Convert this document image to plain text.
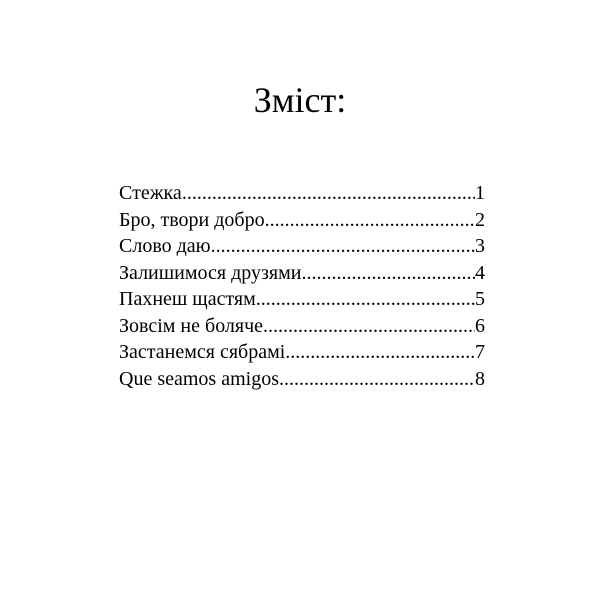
Зміст:
Стежка .....	1
Бро, твори добро .....	2
Слово даю .....	3
Залишимося друзями .....	4
Пахнеш щастям .....	5
Зовсім не боляче .....	6
Застанемся сябрамі .....	7
Que seamos amigos .....	8
